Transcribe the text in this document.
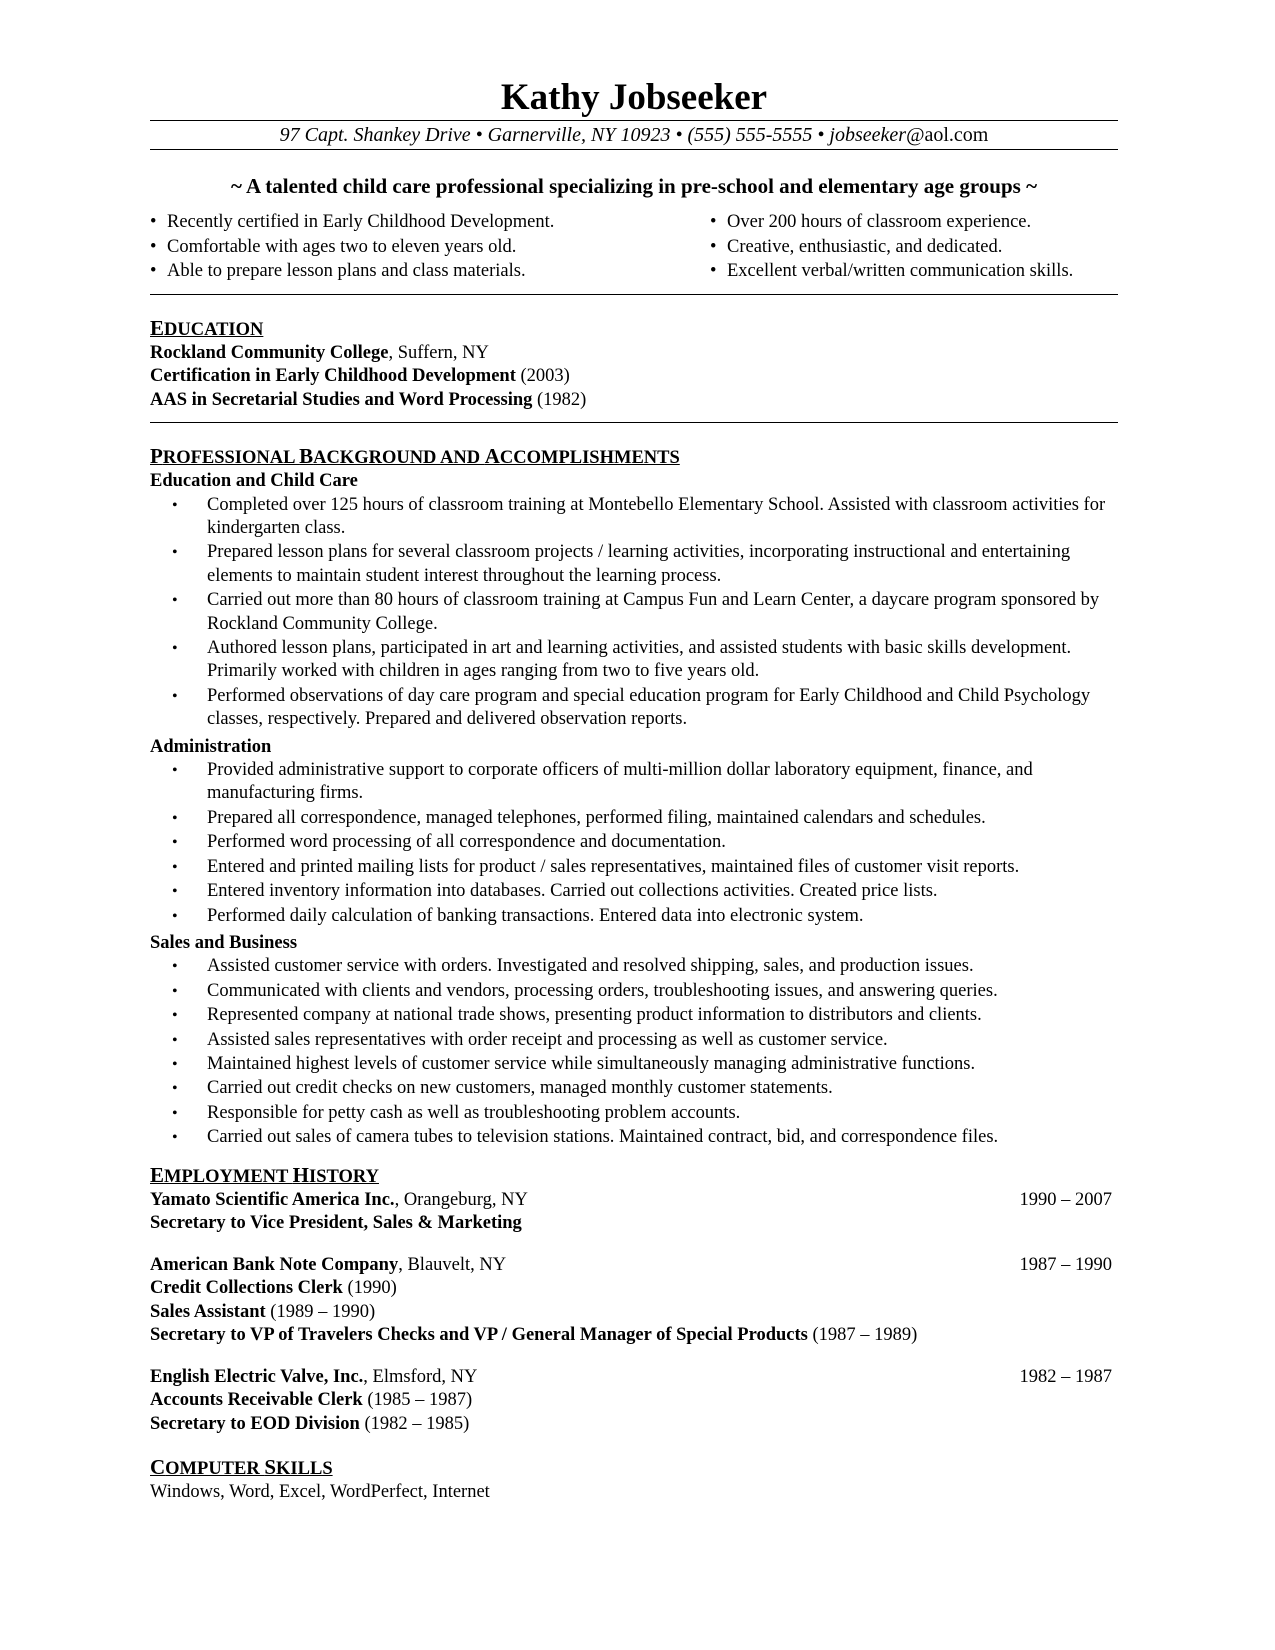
Kathy Jobseeker
97 Capt. Shankey Drive • Garnerville, NY 10923 • (555) 555-5555 • jobseeker@aol.com
~ A talented child care professional specializing in pre-school and elementary age groups ~
• Recently certified in Early Childhood Development.
• Comfortable with ages two to eleven years old.
• Able to prepare lesson plans and class materials.
• Over 200 hours of classroom experience.
• Creative, enthusiastic, and dedicated.
• Excellent verbal/written communication skills.
EDUCATION
Rockland Community College, Suffern, NY
Certification in Early Childhood Development (2003)
AAS in Secretarial Studies and Word Processing (1982)
PROFESSIONAL BACKGROUND AND ACCOMPLISHMENTS
Education and Child Care
• Completed over 125 hours of classroom training at Montebello Elementary School. Assisted with classroom activities for kindergarten class.
• Prepared lesson plans for several classroom projects / learning activities, incorporating instructional and entertaining elements to maintain student interest throughout the learning process.
• Carried out more than 80 hours of classroom training at Campus Fun and Learn Center, a daycare program sponsored by Rockland Community College.
• Authored lesson plans, participated in art and learning activities, and assisted students with basic skills development. Primarily worked with children in ages ranging from two to five years old.
• Performed observations of day care program and special education program for Early Childhood and Child Psychology classes, respectively. Prepared and delivered observation reports.
Administration
• Provided administrative support to corporate officers of multi-million dollar laboratory equipment, finance, and manufacturing firms.
• Prepared all correspondence, managed telephones, performed filing, maintained calendars and schedules.
• Performed word processing of all correspondence and documentation.
• Entered and printed mailing lists for product / sales representatives, maintained files of customer visit reports.
• Entered inventory information into databases. Carried out collections activities. Created price lists.
• Performed daily calculation of banking transactions. Entered data into electronic system.
Sales and Business
• Assisted customer service with orders. Investigated and resolved shipping, sales, and production issues.
• Communicated with clients and vendors, processing orders, troubleshooting issues, and answering queries.
• Represented company at national trade shows, presenting product information to distributors and clients.
• Assisted sales representatives with order receipt and processing as well as customer service.
• Maintained highest levels of customer service while simultaneously managing administrative functions.
• Carried out credit checks on new customers, managed monthly customer statements.
• Responsible for petty cash as well as troubleshooting problem accounts.
• Carried out sales of camera tubes to television stations. Maintained contract, bid, and correspondence files.
EMPLOYMENT HISTORY
Yamato Scientific America Inc., Orangeburg, NY	1990 – 2007
Secretary to Vice President, Sales & Marketing
American Bank Note Company, Blauvelt, NY	1987 – 1990
Credit Collections Clerk (1990)
Sales Assistant (1989 – 1990)
Secretary to VP of Travelers Checks and VP / General Manager of Special Products (1987 – 1989)
English Electric Valve, Inc., Elmsford, NY	1982 – 1987
Accounts Receivable Clerk (1985 – 1987)
Secretary to EOD Division (1982 – 1985)
COMPUTER SKILLS
Windows, Word, Excel, WordPerfect, Internet
